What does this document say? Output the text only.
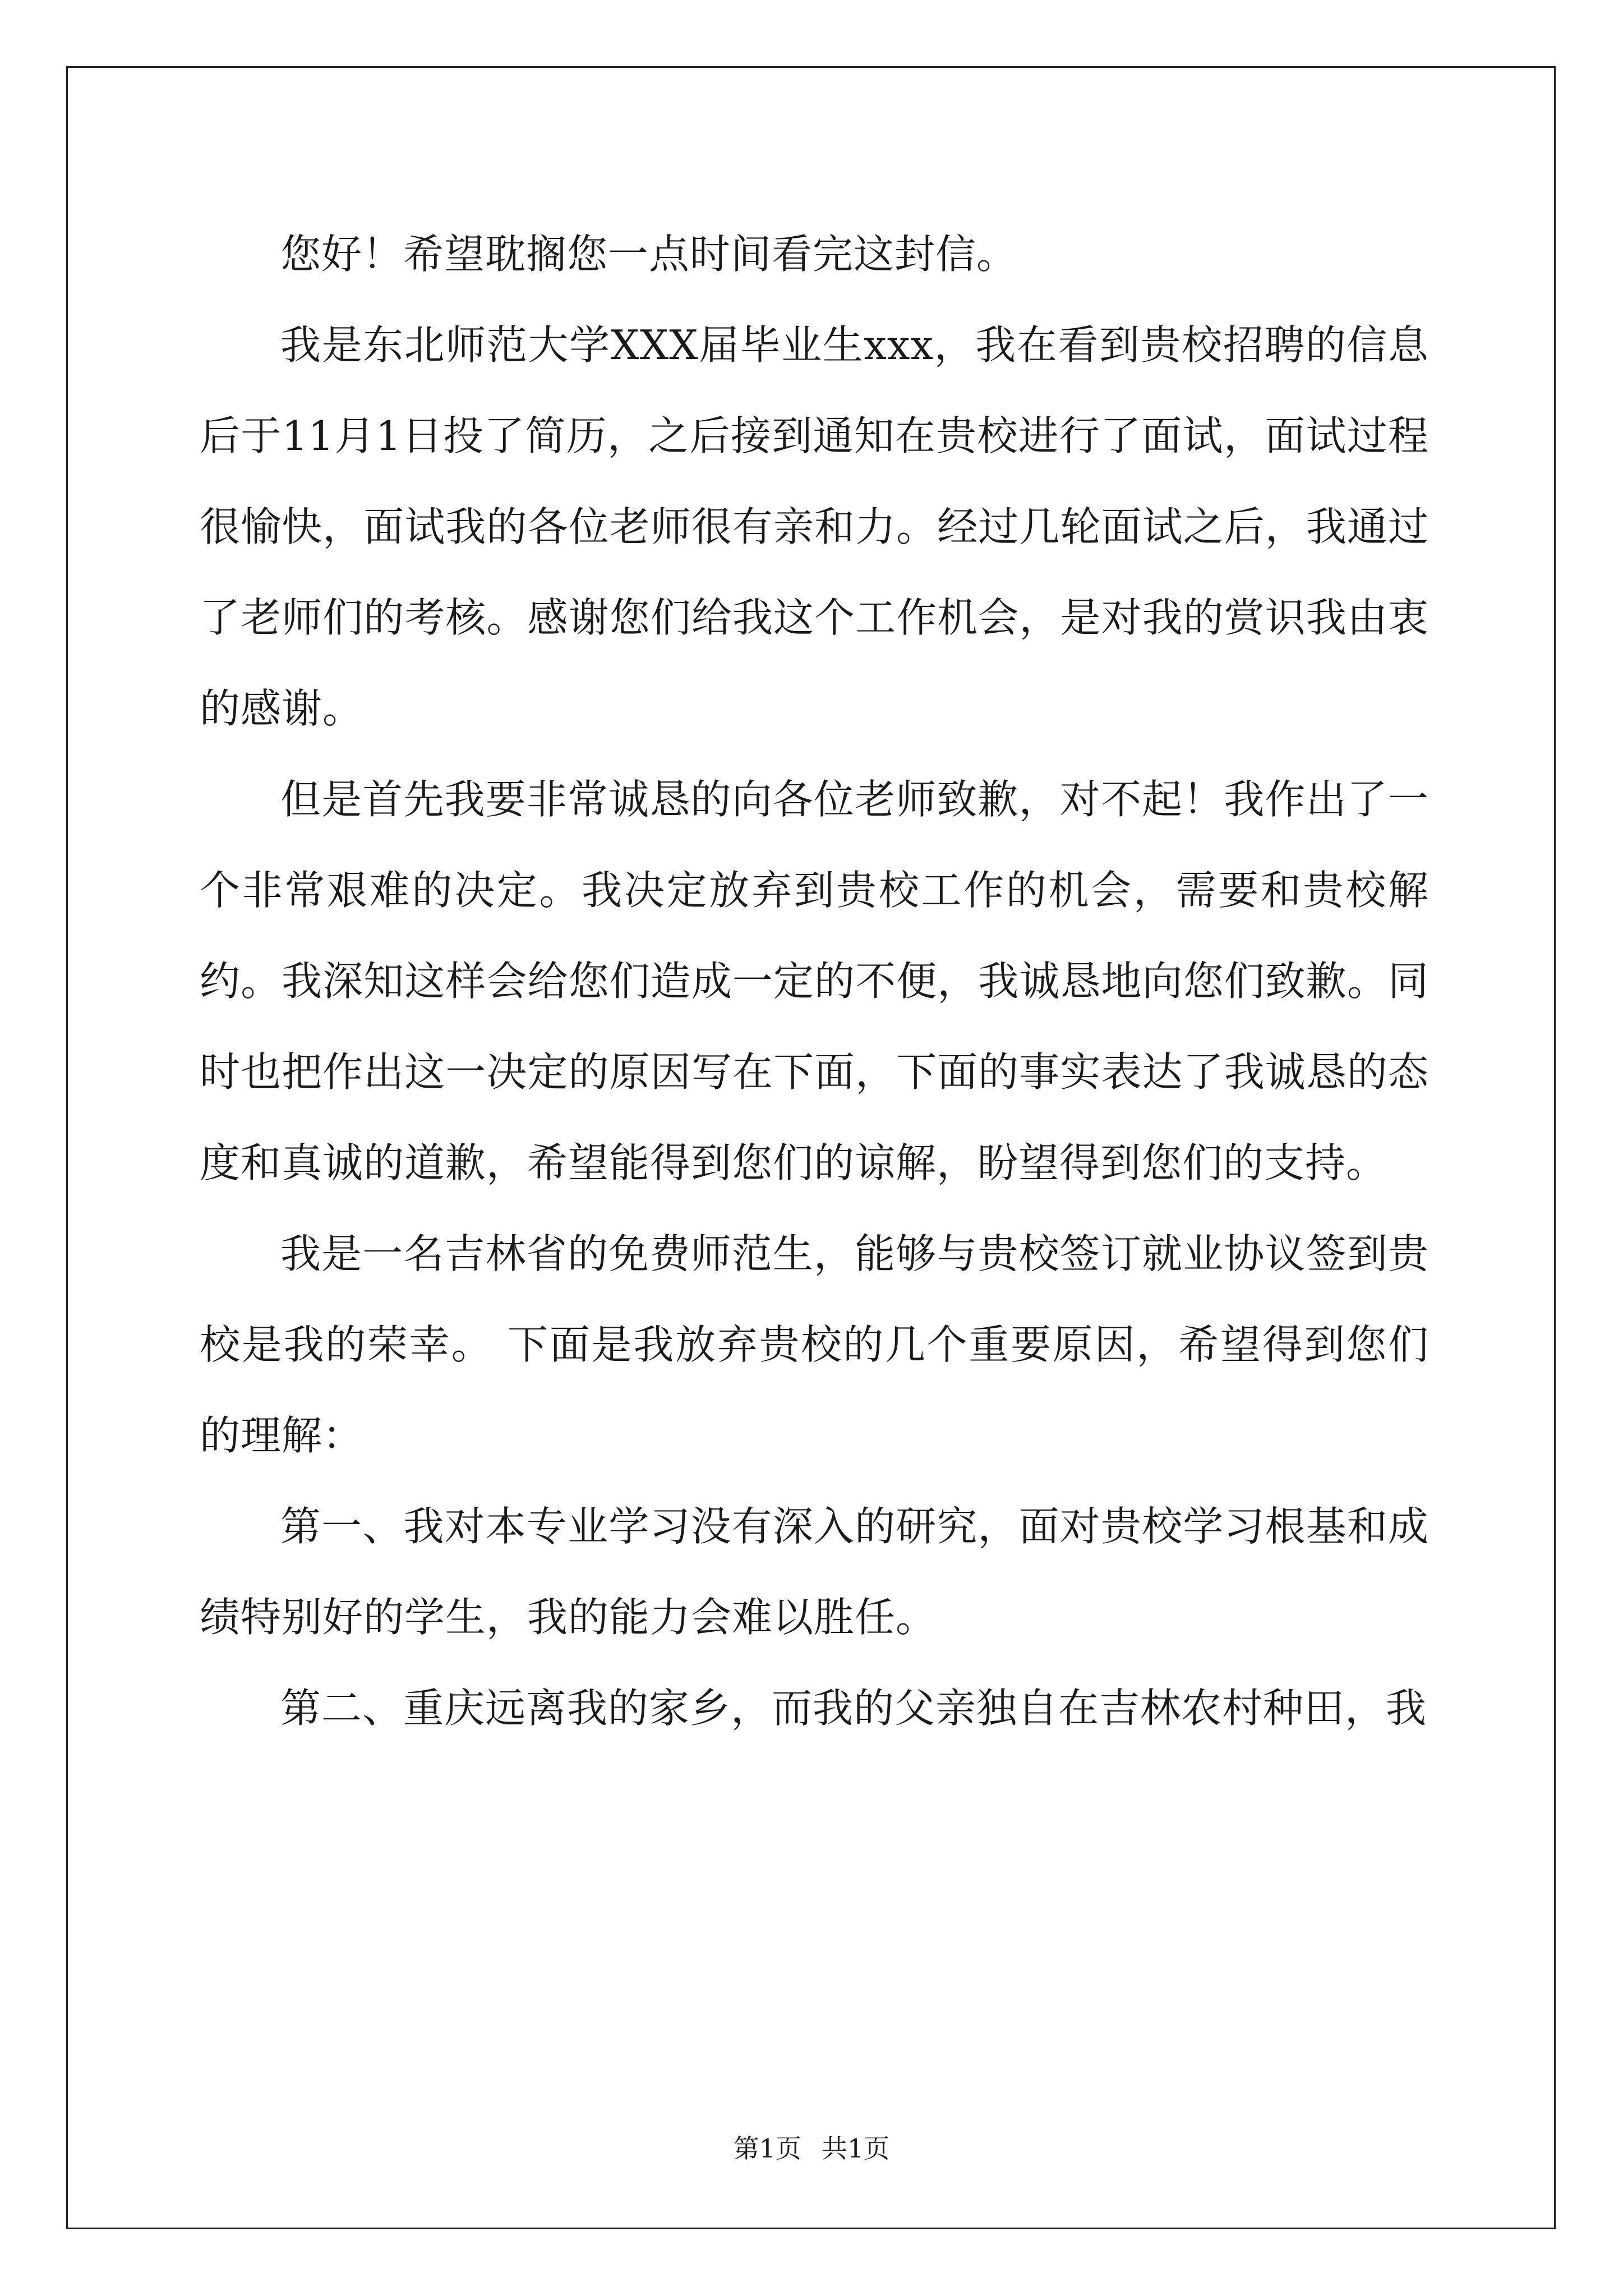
您好！希望耽搁您一点时间看完这封信。

我是东北师范大学XXX届毕业生xxx，我在看到贵校招聘的信息后于11月1日投了简历，之后接到通知在贵校进行了面试，面试过程很愉快，面试我的各位老师很有亲和力。经过几轮面试之后，我通过了老师们的考核。感谢您们给我这个工作机会，是对我的赏识我由衷的感谢。

但是首先我要非常诚恳的向各位老师致歉，对不起！我作出了一个非常艰难的决定。我决定放弃到贵校工作的机会，需要和贵校解约。我深知这样会给您们造成一定的不便，我诚恳地向您们致歉。同时也把作出这一决定的原因写在下面，下面的事实表达了我诚恳的态度和真诚的道歉，希望能得到您们的谅解，盼望得到您们的支持。

我是一名吉林省的免费师范生，能够与贵校签订就业协议签到贵校是我的荣幸。 下面是我放弃贵校的几个重要原因，希望得到您们的理解：

第一、我对本专业学习没有深入的研究，面对贵校学习根基和成绩特别好的学生，我的能力会难以胜任。

第二、重庆远离我的家乡，而我的父亲独自在吉林农村种田，我

第1页 共1页
